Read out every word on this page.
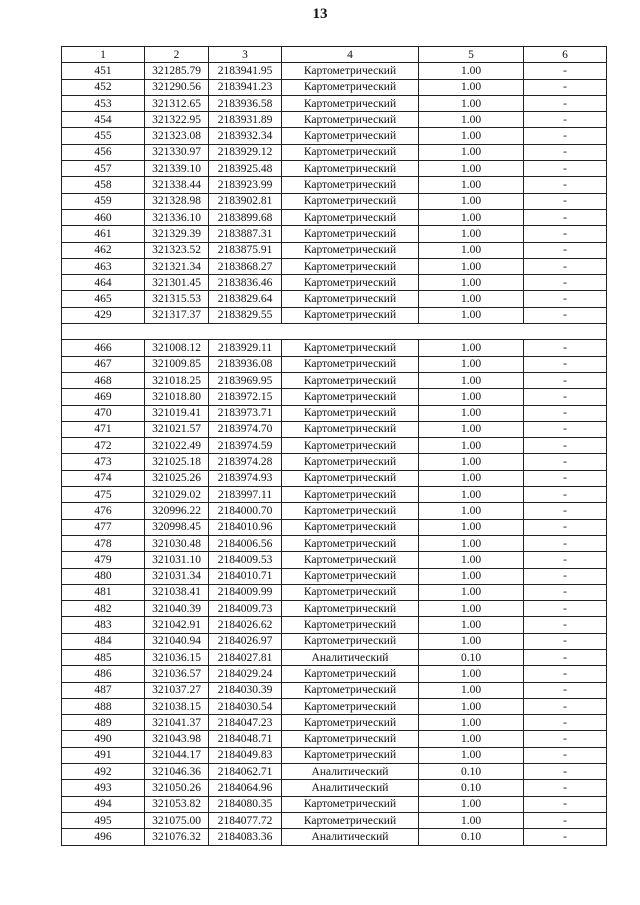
13
1	2	3	4	5	6
451	321285.79	2183941.95	Картометрический	1.00	-
452	321290.56	2183941.23	Картометрический	1.00	-
453	321312.65	2183936.58	Картометрический	1.00	-
454	321322.95	2183931.89	Картометрический	1.00	-
455	321323.08	2183932.34	Картометрический	1.00	-
456	321330.97	2183929.12	Картометрический	1.00	-
457	321339.10	2183925.48	Картометрический	1.00	-
458	321338.44	2183923.99	Картометрический	1.00	-
459	321328.98	2183902.81	Картометрический	1.00	-
460	321336.10	2183899.68	Картометрический	1.00	-
461	321329.39	2183887.31	Картометрический	1.00	-
462	321323.52	2183875.91	Картометрический	1.00	-
463	321321.34	2183868.27	Картометрический	1.00	-
464	321301.45	2183836.46	Картометрический	1.00	-
465	321315.53	2183829.64	Картометрический	1.00	-
429	321317.37	2183829.55	Картометрический	1.00	-

466	321008.12	2183929.11	Картометрический	1.00	-
467	321009.85	2183936.08	Картометрический	1.00	-
468	321018.25	2183969.95	Картометрический	1.00	-
469	321018.80	2183972.15	Картометрический	1.00	-
470	321019.41	2183973.71	Картометрический	1.00	-
471	321021.57	2183974.70	Картометрический	1.00	-
472	321022.49	2183974.59	Картометрический	1.00	-
473	321025.18	2183974.28	Картометрический	1.00	-
474	321025.26	2183974.93	Картометрический	1.00	-
475	321029.02	2183997.11	Картометрический	1.00	-
476	320996.22	2184000.70	Картометрический	1.00	-
477	320998.45	2184010.96	Картометрический	1.00	-
478	321030.48	2184006.56	Картометрический	1.00	-
479	321031.10	2184009.53	Картометрический	1.00	-
480	321031.34	2184010.71	Картометрический	1.00	-
481	321038.41	2184009.99	Картометрический	1.00	-
482	321040.39	2184009.73	Картометрический	1.00	-
483	321042.91	2184026.62	Картометрический	1.00	-
484	321040.94	2184026.97	Картометрический	1.00	-
485	321036.15	2184027.81	Аналитический	0.10	-
486	321036.57	2184029.24	Картометрический	1.00	-
487	321037.27	2184030.39	Картометрический	1.00	-
488	321038.15	2184030.54	Картометрический	1.00	-
489	321041.37	2184047.23	Картометрический	1.00	-
490	321043.98	2184048.71	Картометрический	1.00	-
491	321044.17	2184049.83	Картометрический	1.00	-
492	321046.36	2184062.71	Аналитический	0.10	-
493	321050.26	2184064.96	Аналитический	0.10	-
494	321053.82	2184080.35	Картометрический	1.00	-
495	321075.00	2184077.72	Картометрический	1.00	-
496	321076.32	2184083.36	Аналитический	0.10	-
